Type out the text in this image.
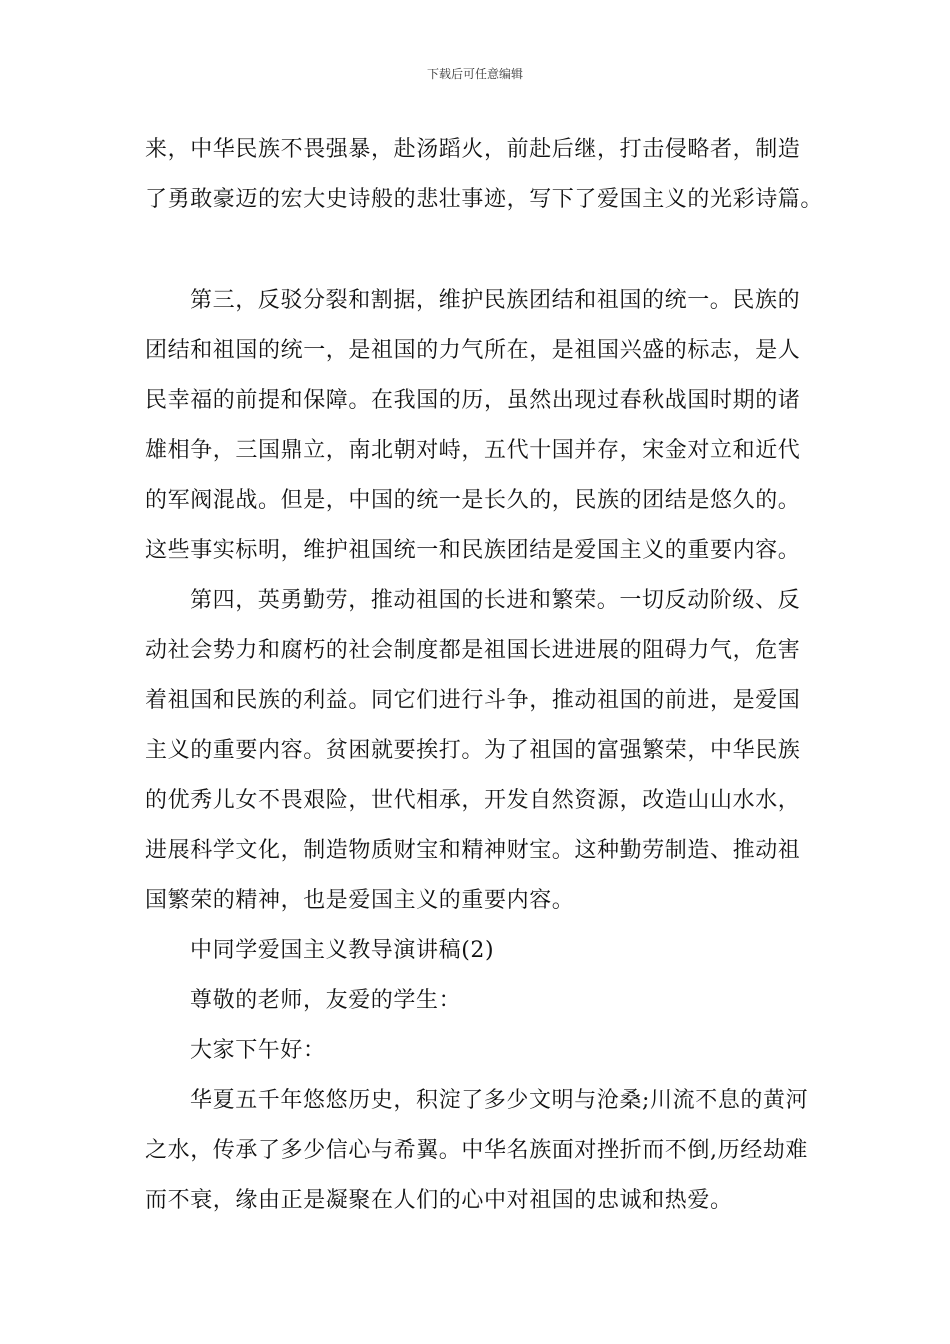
下载后可任意编辑
来，中华民族不畏强暴，赴汤蹈火，前赴后继，打击侵略者，制造
了勇敢豪迈的宏大史诗般的悲壮事迹，写下了爱国主义的光彩诗篇。
第三，反驳分裂和割据，维护民族团结和祖国的统一。民族的
团结和祖国的统一，是祖国的力气所在，是祖国兴盛的标志，是人
民幸福的前提和保障。在我国的历，虽然出现过春秋战国时期的诸
雄相争，三国鼎立，南北朝对峙，五代十国并存，宋金对立和近代
的军阀混战。但是，中国的统一是长久的，民族的团结是悠久的。
这些事实标明，维护祖国统一和民族团结是爱国主义的重要内容。
第四，英勇勤劳，推动祖国的长进和繁荣。一切反动阶级、反
动社会势力和腐朽的社会制度都是祖国长进进展的阻碍力气，危害
着祖国和民族的利益。同它们进行斗争，推动祖国的前进，是爱国
主义的重要内容。贫困就要挨打。为了祖国的富强繁荣，中华民族
的优秀儿女不畏艰险，世代相承，开发自然资源，改造山山水水，
进展科学文化，制造物质财宝和精神财宝。这种勤劳制造、推动祖
国繁荣的精神，也是爱国主义的重要内容。
中同学爱国主义教导演讲稿(2)
尊敬的老师，友爱的学生：
大家下午好：
华夏五千年悠悠历史，积淀了多少文明与沧桑;川流不息的黄河
之水，传承了多少信心与希翼。中华名族面对挫折而不倒,历经劫难
而不衰，缘由正是凝聚在人们的心中对祖国的忠诚和热爱。
